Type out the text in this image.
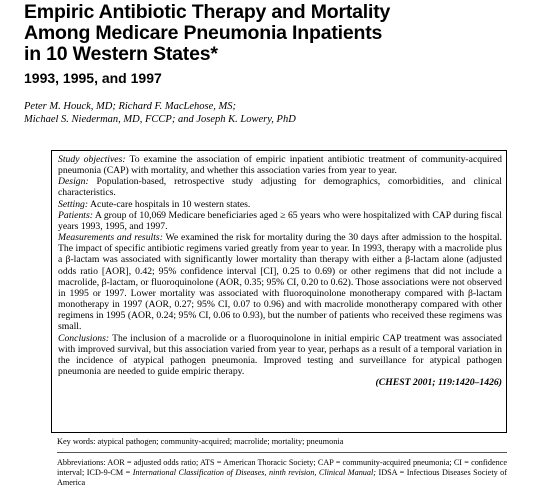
Empiric Antibiotic Therapy and Mortality
Among Medicare Pneumonia Inpatients
in 10 Western States*
1993, 1995, and 1997
Peter M. Houck, MD; Richard F. MacLehose, MS;
Michael S. Niederman, MD, FCCP; and Joseph K. Lowery, PhD

Study objectives: To examine the association of empiric inpatient antibiotic treatment of community-acquired pneumonia (CAP) with mortality, and whether this association varies from year to year.

Design: Population-based, retrospective study adjusting for demographics, comorbidities, and clinical characteristics.

Setting: Acute-care hospitals in 10 western states.

Patients: A group of 10,069 Medicare beneficiaries aged ≥ 65 years who were hospitalized with CAP during fiscal years 1993, 1995, and 1997.

Measurements and results: We examined the risk for mortality during the 30 days after admission to the hospital. The impact of specific antibiotic regimens varied greatly from year to year. In 1993, therapy with a macrolide plus a β-lactam was associated with significantly lower mortality than therapy with either a β-lactam alone (adjusted odds ratio [AOR], 0.42; 95% confidence interval [CI], 0.25 to 0.69) or other regimens that did not include a macrolide, β-lactam, or fluoroquinolone (AOR, 0.35; 95% CI, 0.20 to 0.62). Those associations were not observed in 1995 or 1997. Lower mortality was associated with fluoroquinolone monotherapy compared with β-lactam monotherapy in 1997 (AOR, 0.27; 95% CI, 0.07 to 0.96) and with macrolide monotherapy compared with other regimens in 1995 (AOR, 0.24; 95% CI, 0.06 to 0.93), but the number of patients who received these regimens was small.

Conclusions: The inclusion of a macrolide or a fluoroquinolone in initial empiric CAP treatment was associated with improved survival, but this association varied from year to year, perhaps as a result of a temporal variation in the incidence of atypical pathogen pneumonia. Improved testing and surveillance for atypical pathogen pneumonia are needed to guide empiric therapy.

(CHEST 2001; 119:1420–1426)

Key words: atypical pathogen; community-acquired; macrolide; mortality; pneumonia
Abbreviations: AOR = adjusted odds ratio; ATS = American Thoracic Society; CAP = community-acquired pneumonia; CI = confidence interval; ICD-9-CM = International Classification of Diseases, ninth revision, Clinical Manual; IDSA = Infectious Diseases Society of America
